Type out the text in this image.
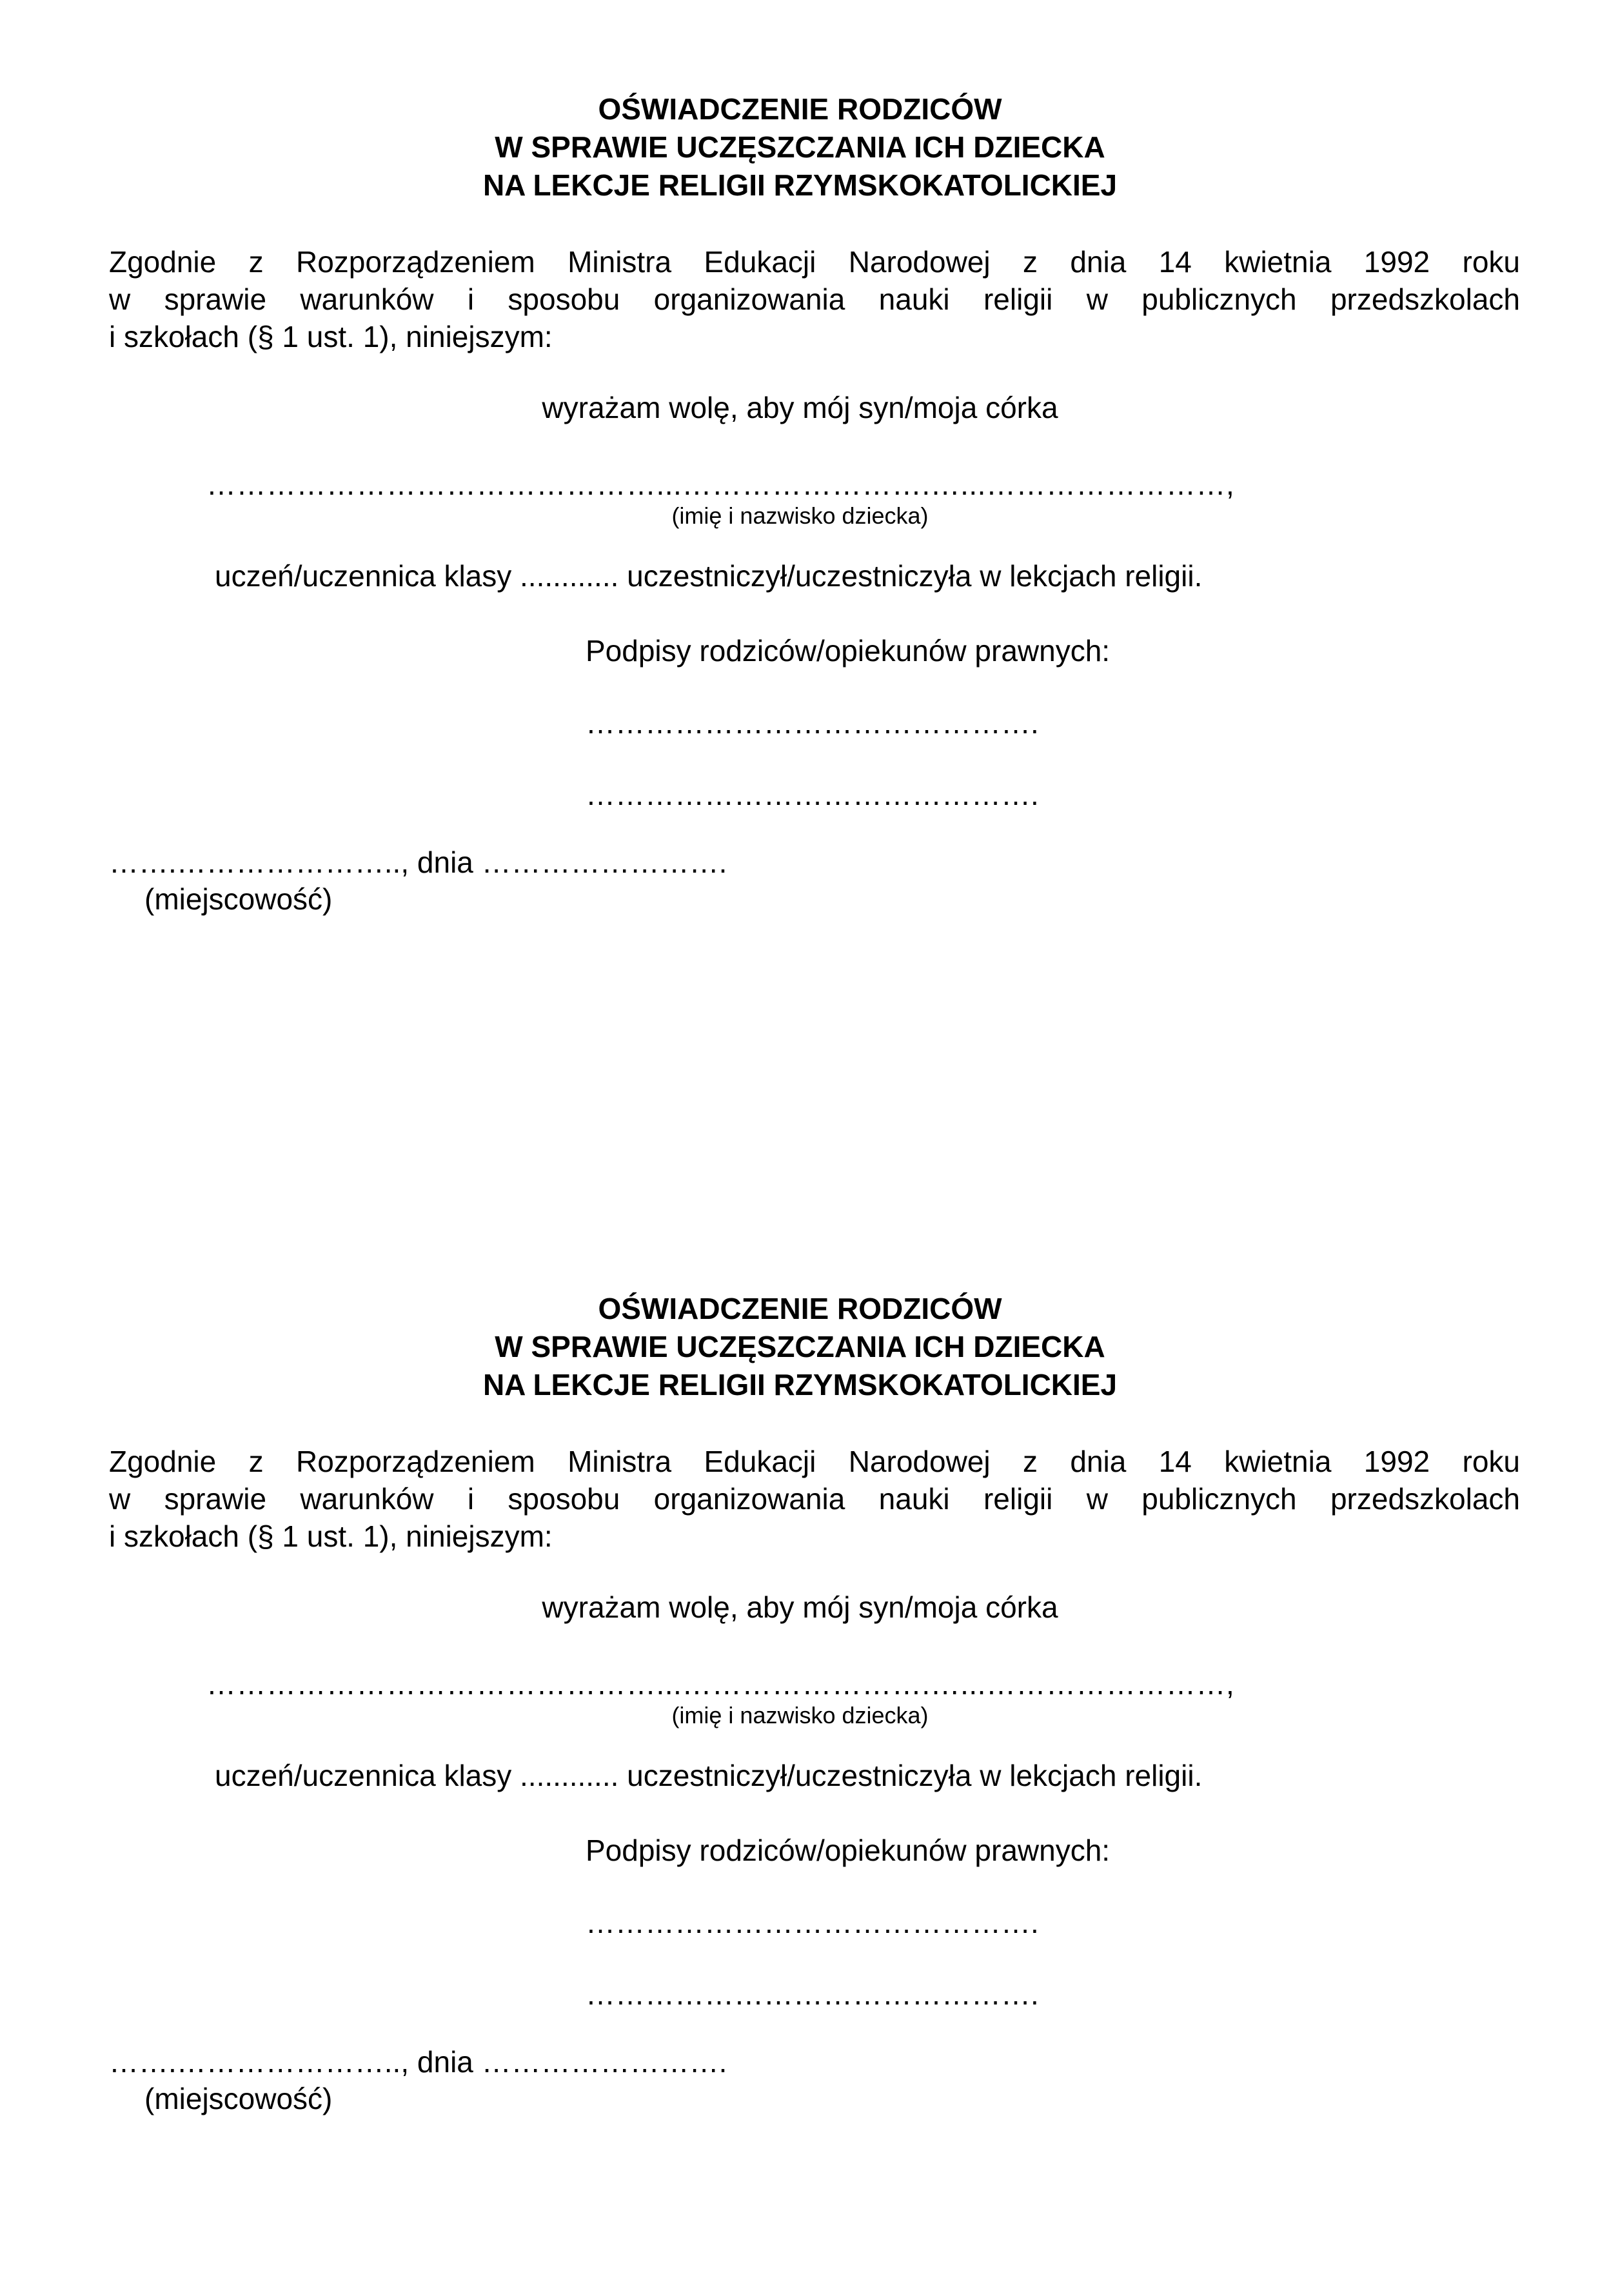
OŚWIADCZENIE RODZICÓW
W SPRAWIE UCZĘSZCZANIA ICH DZIECKA
NA LEKCJE RELIGII RZYMSKOKATOLICKIEJ
Zgodnie z Rozporządzeniem Ministra Edukacji Narodowej z dnia 14 kwietnia 1992 roku
w sprawie warunków i sposobu organizowania nauki religii w publicznych przedszkolach
i szkołach (§ 1 ust. 1), niniejszym:
wyrażam wolę, aby mój syn/moja córka
………………………………………...…………………….…...……………………,
(imię i nazwisko dziecka)
uczeń/uczennica klasy ............ uczestniczył/uczestniczyła w lekcjach religii.
Podpisy rodziców/opiekunów prawnych:
……………………………………….
……………………………………….
…….………………….., dnia …………………….
(miejscowość)
OŚWIADCZENIE RODZICÓW
W SPRAWIE UCZĘSZCZANIA ICH DZIECKA
NA LEKCJE RELIGII RZYMSKOKATOLICKIEJ
Zgodnie z Rozporządzeniem Ministra Edukacji Narodowej z dnia 14 kwietnia 1992 roku
w sprawie warunków i sposobu organizowania nauki religii w publicznych przedszkolach
i szkołach (§ 1 ust. 1), niniejszym:
wyrażam wolę, aby mój syn/moja córka
………………………………………...…………………….…...……………………,
(imię i nazwisko dziecka)
uczeń/uczennica klasy ............ uczestniczył/uczestniczyła w lekcjach religii.
Podpisy rodziców/opiekunów prawnych:
……………………………………….
……………………………………….
…….………………….., dnia …………………….
(miejscowość)
